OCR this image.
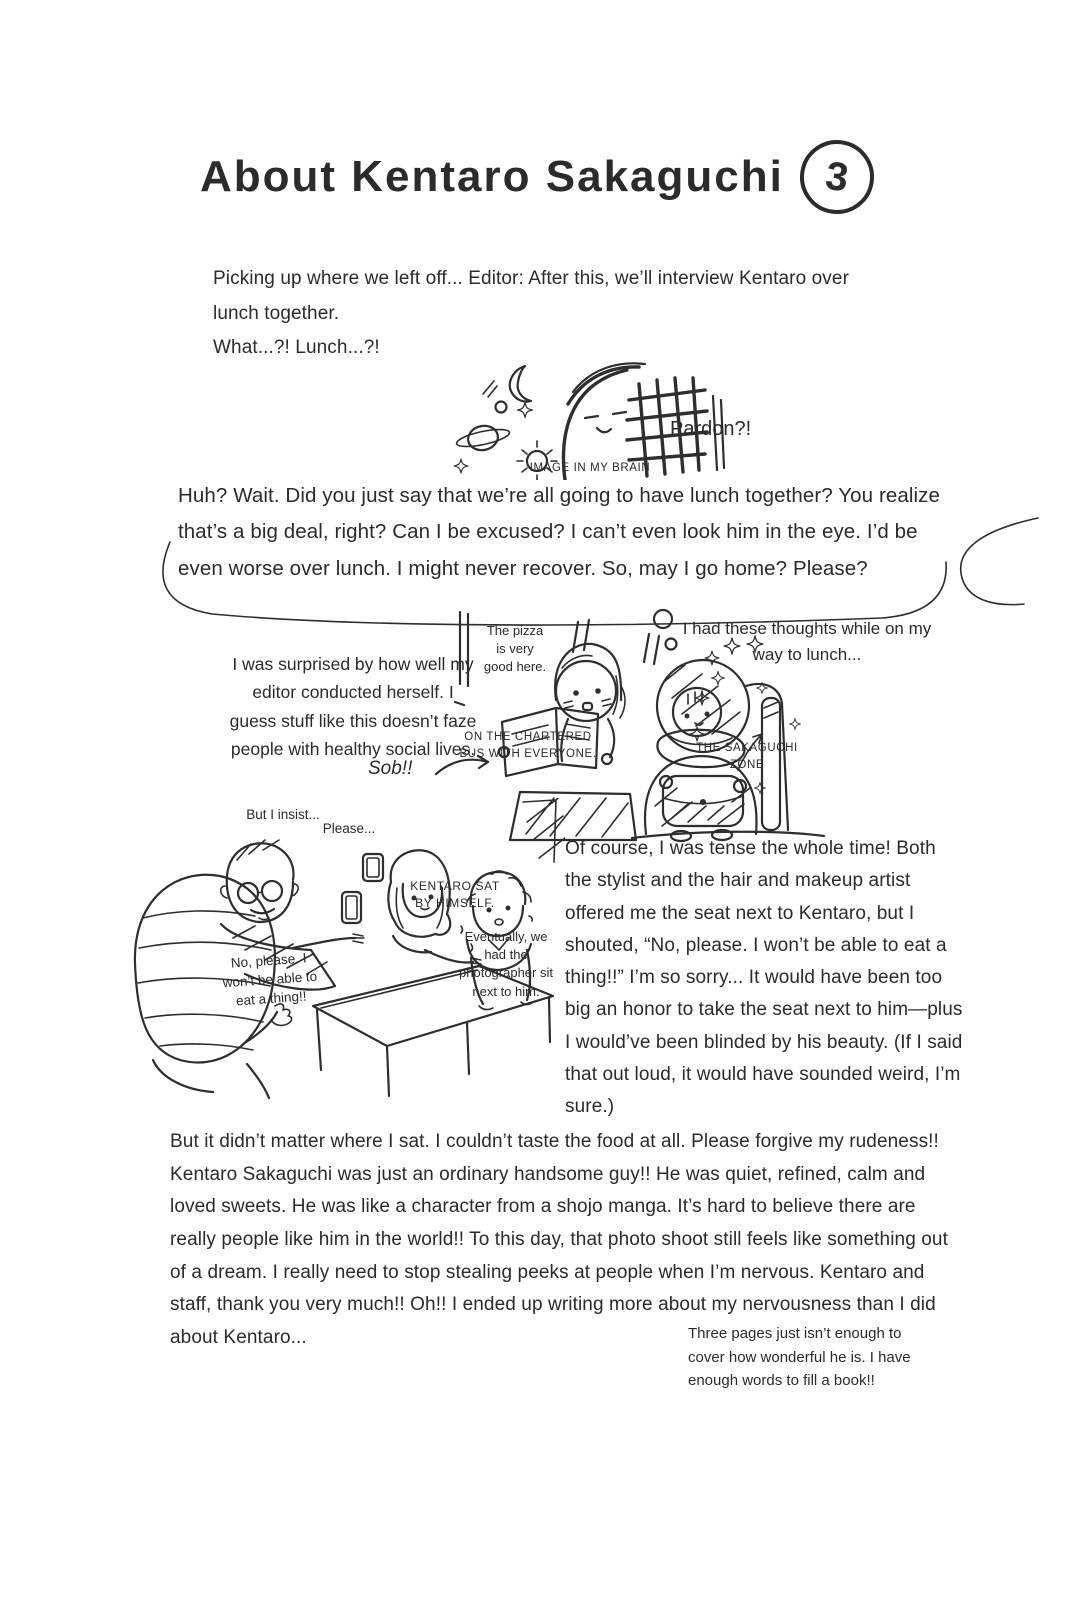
About Kentaro Sakaguchi 3
Picking up where we left off... Editor: After this, we’ll interview Kentaro over lunch together.
What...?! Lunch...?!
Pardon?!
IMAGE IN MY BRAIN
Huh? Wait. Did you just say that we’re all going to have lunch together? You realize that’s a big deal, right? Can I be excused? I can’t even look him in the eye. I’d be even worse over lunch. I might never recover. So, may I go home? Please?
I was surprised by how well my editor conducted herself. I guess stuff like this doesn’t faze people with healthy social lives.
Sob!!
The pizza is very good here.
ON THE CHARTERED BUS WITH EVERYONE.
I had these thoughts while on my way to lunch...
THE SAKAGUCHI ZONE
But I insist...
Please...
KENTARO SAT BY HIMSELF.
No, please. I won’t be able to eat a thing!!
Eventually, we had the photographer sit next to him.
Of course, I was tense the whole time! Both the stylist and the hair and makeup artist offered me the seat next to Kentaro, but I shouted, “No, please. I won’t be able to eat a thing!!” I’m so sorry... It would have been too big an honor to take the seat next to him—plus I would’ve been blinded by his beauty. (If I said that out loud, it would have sounded weird, I’m sure.)
But it didn’t matter where I sat. I couldn’t taste the food at all. Please forgive my rudeness!! Kentaro Sakaguchi was just an ordinary handsome guy!! He was quiet, refined, calm and loved sweets. He was like a character from a shojo manga. It’s hard to believe there are really people like him in the world!! To this day, that photo shoot still feels like something out of a dream. I really need to stop stealing peeks at people when I’m nervous. Kentaro and staff, thank you very much!! Oh!! I ended up writing more about my nervousness than I did about Kentaro...	Three pages just isn’t enough to cover how wonderful he is. I have enough words to fill a book!!
